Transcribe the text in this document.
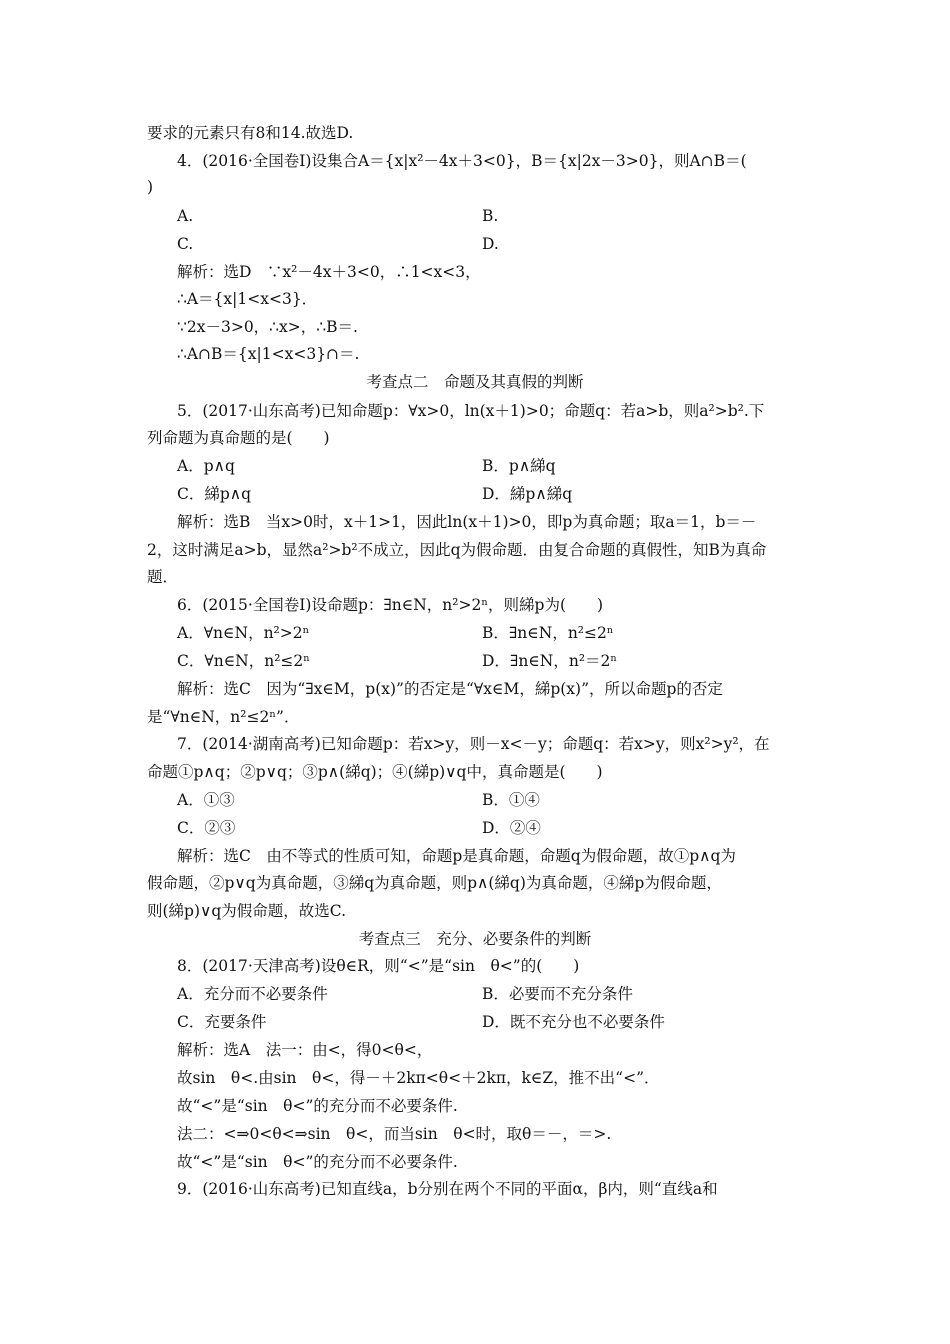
要求的元素只有8和14.故选D.
4．(2016·全国卷Ⅰ)设集合A＝{x|x²－4x＋3<0}，B＝{x|2x－3>0}，则A∩B＝(
)
A.	B.
C.	D.
解析：选D　∵x²－4x＋3<0，∴1<x<3，
∴A＝{x|1<x<3}．
∵2x－3>0，∴x>，∴B＝.
∴A∩B＝{x|1<x<3}∩＝.
考查点二　命题及其真假的判断
5．(2017·山东高考)已知命题p：∀x>0，ln(x＋1)>0；命题q：若a>b，则a²>b².下
列命题为真命题的是(　　)
A．p∧q	B．p∧綈q
C．綈p∧q	D．綈p∧綈q
解析：选B　当x>0时，x＋1>1，因此ln(x＋1)>0，即p为真命题；取a＝1，b＝－
2，这时满足a>b，显然a²>b²不成立，因此q为假命题．由复合命题的真假性，知B为真命
题．
6．(2015·全国卷Ⅰ)设命题p：∃n∈N，n²>2ⁿ，则綈p为(　　)
A．∀n∈N，n²>2ⁿ	B．∃n∈N，n²≤2ⁿ
C．∀n∈N，n²≤2ⁿ	D．∃n∈N，n²＝2ⁿ
解析：选C　因为“∃x∈M，p(x)”的否定是“∀x∈M，綈p(x)”，所以命题p的否定
是“∀n∈N，n²≤2ⁿ”．
7．(2014·湖南高考)已知命题p：若x>y，则－x<－y；命题q：若x>y，则x²>y²，在
命题①p∧q；②p∨q；③p∧(綈q)；④(綈p)∨q中，真命题是(　　)
A．①③	B．①④
C．②③	D．②④
解析：选C　由不等式的性质可知，命题p是真命题，命题q为假命题，故①p∧q为
假命题，②p∨q为真命题，③綈q为真命题，则p∧(綈q)为真命题，④綈p为假命题，
则(綈p)∨q为假命题，故选C.
考查点三　充分、必要条件的判断
8．(2017·天津高考)设θ∈R，则“<”是“sin　θ<”的(　　)
A．充分而不必要条件	B．必要而不充分条件
C．充要条件	D．既不充分也不必要条件
解析：选A　法一：由<，得0<θ<，
故sin　θ<.由sin　θ<，得－＋2kπ<θ<＋2kπ，k∈Z，推不出“<”．
故“<”是“sin　θ<”的充分而不必要条件.
法二：<⇒0<θ<⇒sin　θ<，而当sin　θ<时，取θ＝－，＝>.
故“<”是“sin　θ<”的充分而不必要条件.
9．(2016·山东高考)已知直线a，b分别在两个不同的平面α，β内，则“直线a和
